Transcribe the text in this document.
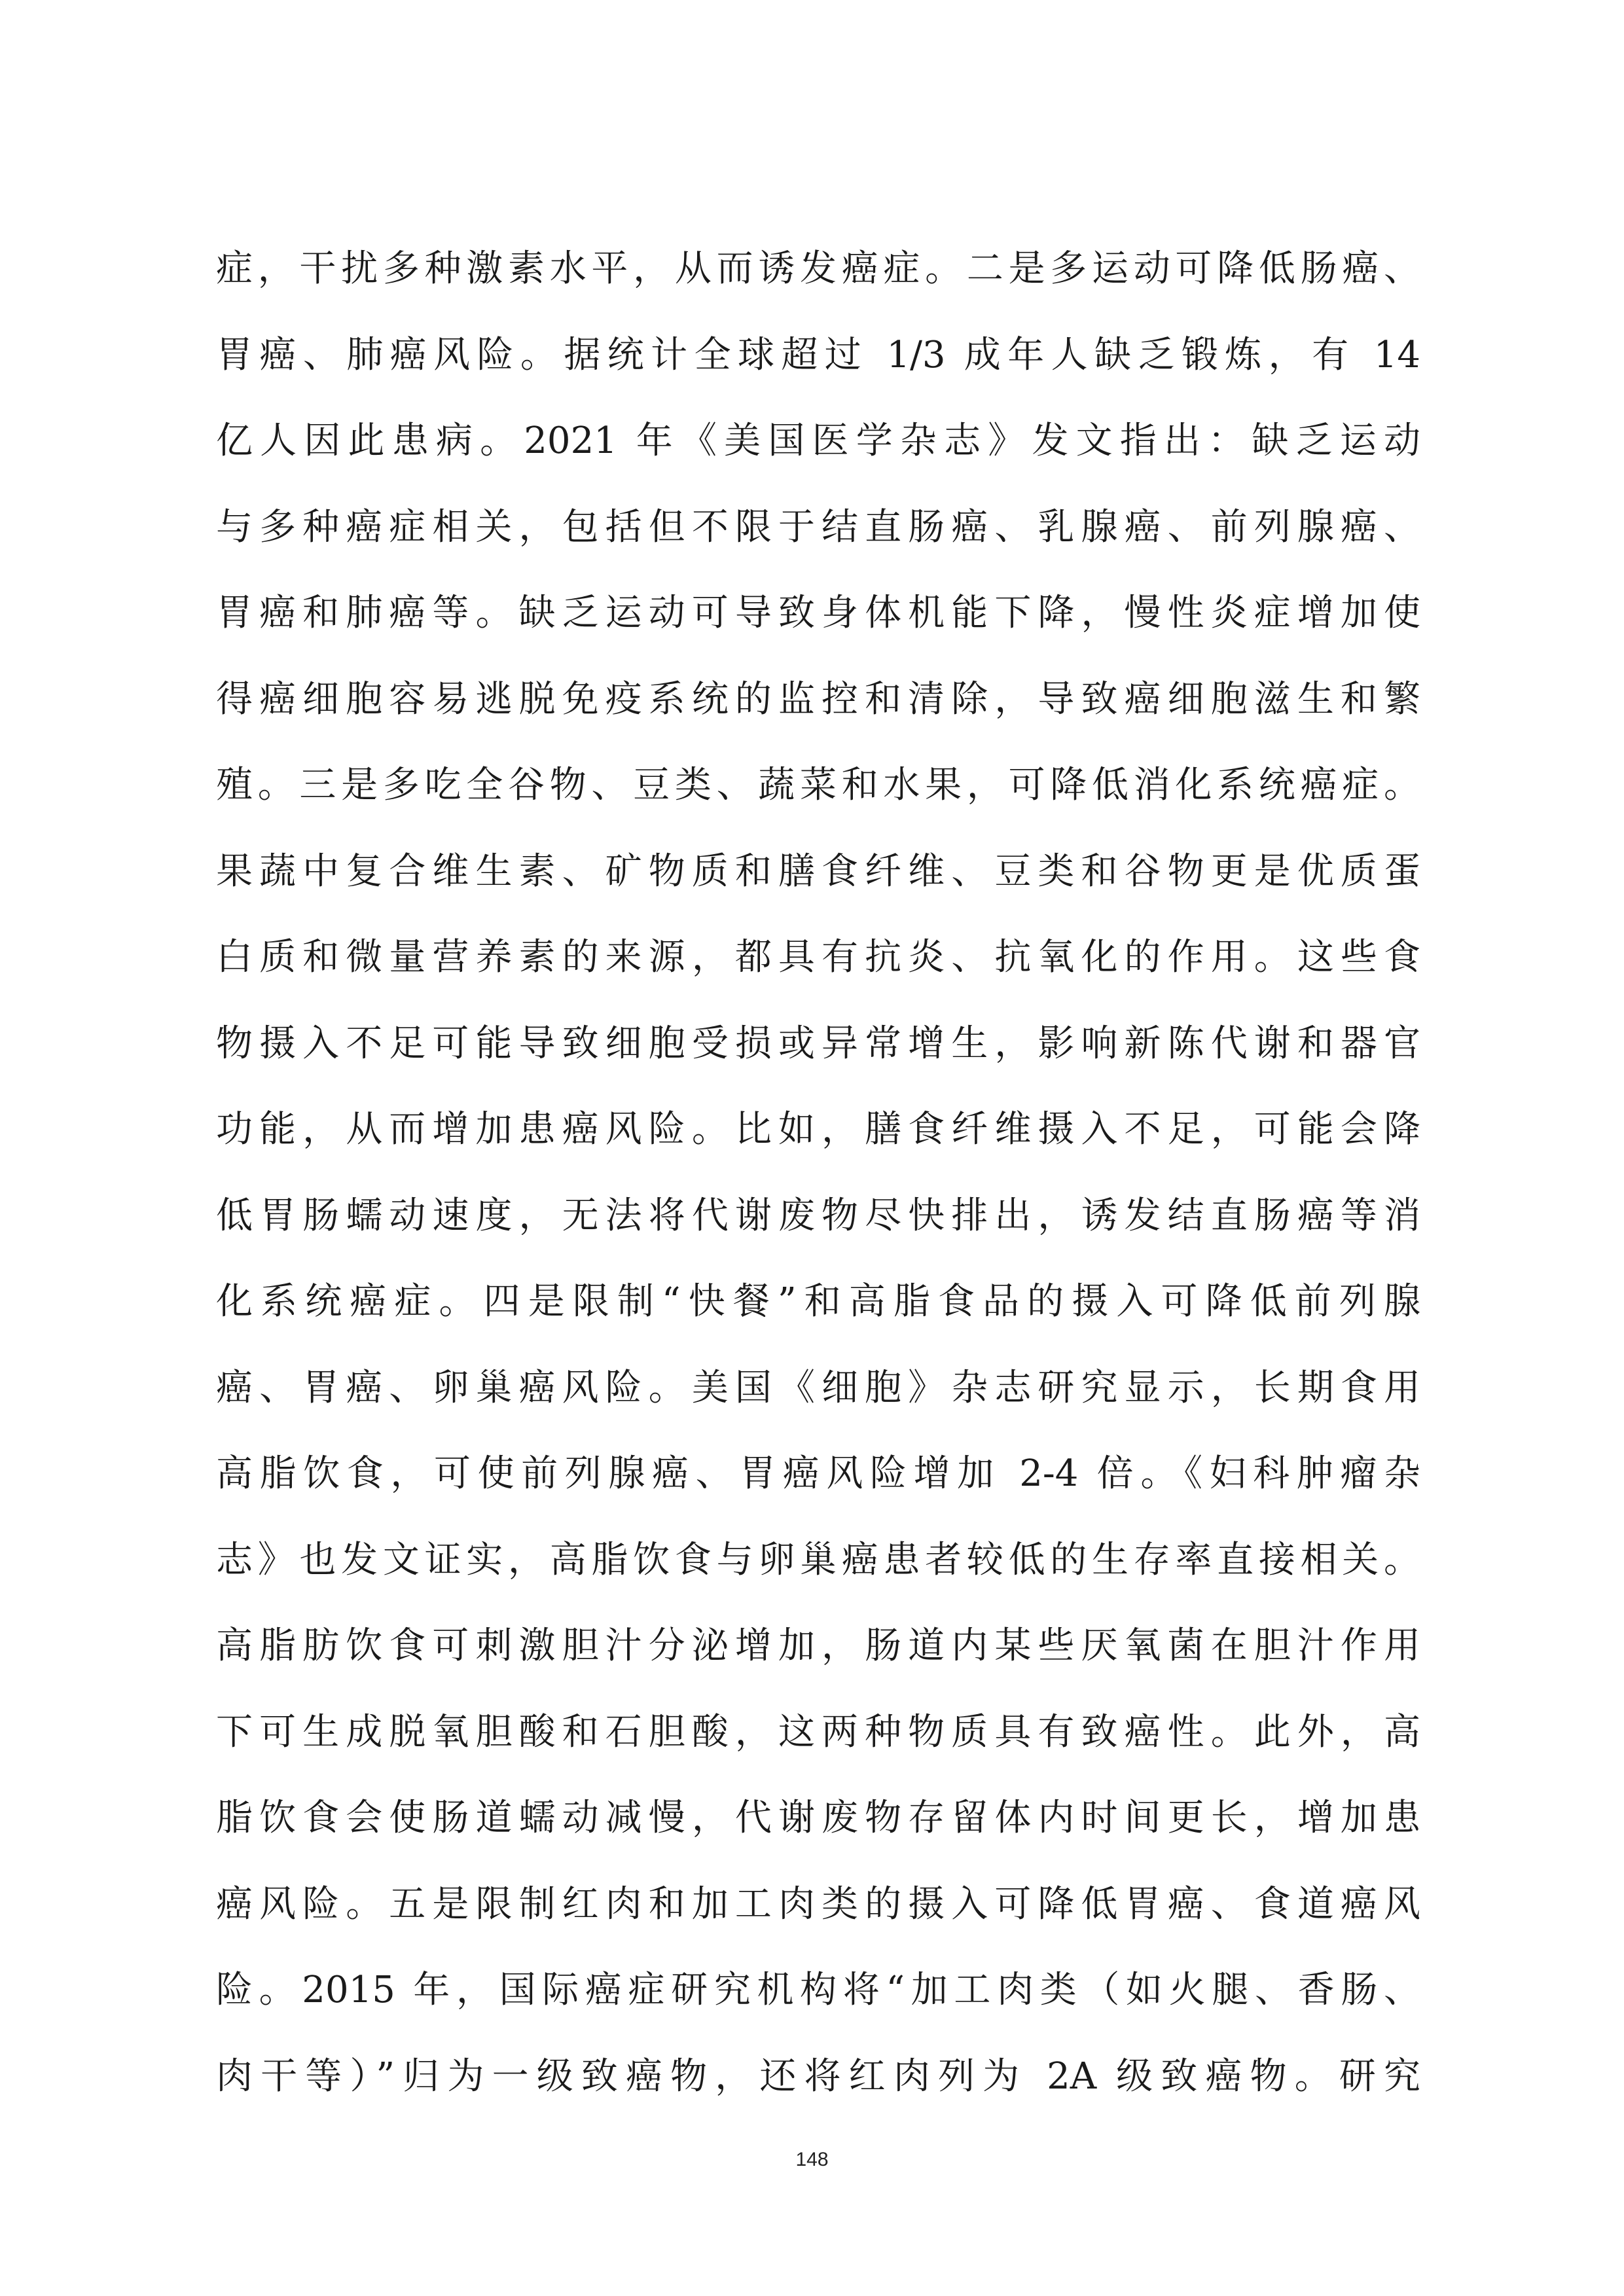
症，干扰多种激素水平，从而诱发癌症。二是多运动可降低肠癌、
胃癌、肺癌风险。据统计全球超过 1/3 成年人缺乏锻炼，有 14
亿人因此患病。2021 年《美国医学杂志》发文指出：缺乏运动
与多种癌症相关，包括但不限于结直肠癌、乳腺癌、前列腺癌、
胃癌和肺癌等。缺乏运动可导致身体机能下降，慢性炎症增加使
得癌细胞容易逃脱免疫系统的监控和清除，导致癌细胞滋生和繁
殖。三是多吃全谷物、豆类、蔬菜和水果，可降低消化系统癌症。
果蔬中复合维生素、矿物质和膳食纤维、豆类和谷物更是优质蛋
白质和微量营养素的来源，都具有抗炎、抗氧化的作用。这些食
物摄入不足可能导致细胞受损或异常增生，影响新陈代谢和器官
功能，从而增加患癌风险。比如，膳食纤维摄入不足，可能会降
低胃肠蠕动速度，无法将代谢废物尽快排出，诱发结直肠癌等消
化系统癌症。四是限制“快餐”和高脂食品的摄入可降低前列腺
癌、胃癌、卵巢癌风险。美国《细胞》杂志研究显示，长期食用
高脂饮食，可使前列腺癌、胃癌风险增加 2-4 倍。《妇科肿瘤杂
志》也发文证实，高脂饮食与卵巢癌患者较低的生存率直接相关。
高脂肪饮食可刺激胆汁分泌增加，肠道内某些厌氧菌在胆汁作用
下可生成脱氧胆酸和石胆酸，这两种物质具有致癌性。此外，高
脂饮食会使肠道蠕动减慢，代谢废物存留体内时间更长，增加患
癌风险。五是限制红肉和加工肉类的摄入可降低胃癌、食道癌风
险。2015 年，国际癌症研究机构将“加工肉类（如火腿、香肠、
肉干等）”归为一级致癌物，还将红肉列为 2A 级致癌物。研究
148
